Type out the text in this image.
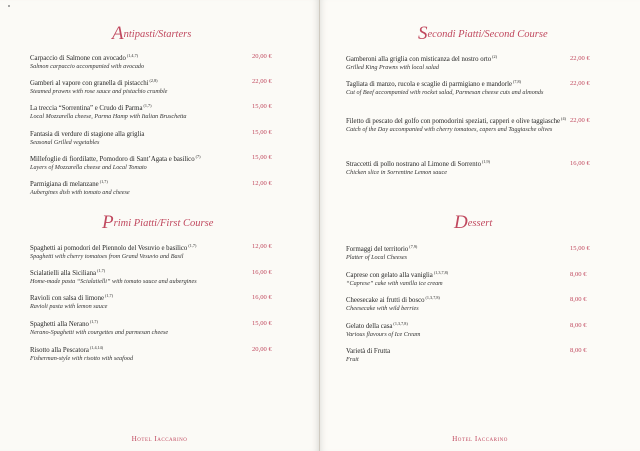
Antipasti/Starters
Carpaccio di Salmone con avocado$^{(1,4,7)}$
Salmon carpaccio accompanied with avocado
20,00 €
Gamberi al vapore con granella di pistacchi$^{(2,8)}$
Steamed prawns with rose sauce and pistachio crumble
22,00 €
La treccia “Sorrentina” e Crudo di Parma$^{(1,7)}$
Local Mozzarella cheese, Parma Hamp with Italian Bruschetta
15,00 €
Fantasia di verdure di stagione alla griglia
Seasonal Grilled vegetables
15,00 €
Millefoglie di fiordilatte, Pomodoro di Sant’Agata e basilico$^{(7)}$
Layers of Mozzarella cheese and Local Tomato
15,00 €
Parmigiana di melanzane$^{(1,7)}$
Aubergines dish with tomato and cheese
12,00 €
Primi Piatti/First Course
Spaghetti ai pomodori del Piennolo del Vesuvio e basilico$^{(1,7)}$
Spaghetti with cherry tomatoes from Grand Vesuvio and Basil
12,00 €
Scialatielli alla Siciliana$^{(1,7)}$
Home-made pasta “Scialatielli” with tomato sauce and aubergines
16,00 €
Ravioli con salsa di limone$^{(1,7)}$
Ravioli pasta with lemon sauce
16,00 €
Spaghetti alla Nerano$^{(1,7)}$
Nerano-Spaghetti with courgettes and parmesan cheese
15,00 €
Risotto alla Pescatora$^{(1,4,14)}$
Fisherman-style with risotto with seafood
20,00 €
Hotel Iaccarino
Secondi Piatti/Second Course
Gamberoni alla griglia con misticanza del nostro orto$^{(2)}$
Grilled King Prawns with local salad
22,00 €
Tagliata di manzo, rucola e scaglie di parmigiano e mandorle$^{(7,8)}$
Cut of Beef accompanied with rocket salad, Parmesan cheese cuts and almonds
22,00 €
Filetto di pescato del golfo con pomodorini speziati, capperi e olive taggiasche$^{(4)}$
Catch of the Day accompanied with cherry tomatoes, capers and Taggiasche olives
22,00 €
Straccetti di pollo nostrano al Limone di Sorrento$^{(1,9)}$
Chicken slice in Sorrentine Lemon sauce
16,00 €
Dessert
Formaggi del territorio$^{(7,9)}$
Platter of Local Cheeses
15,00 €
Caprese con gelato alla vaniglia$^{(1,3,7,8)}$
“Caprese” cake with vanilla ice cream
8,00 €
Cheesecake ai frutti di bosco$^{(1,3,7,8)}$
Cheesecake with wild berries
8,00 €
Gelato della casa$^{(1,3,7,8)}$
Various flavours of Ice Cream
8,00 €
Varietà di Frutta
Fruit
8,00 €
Hotel Iaccarino
